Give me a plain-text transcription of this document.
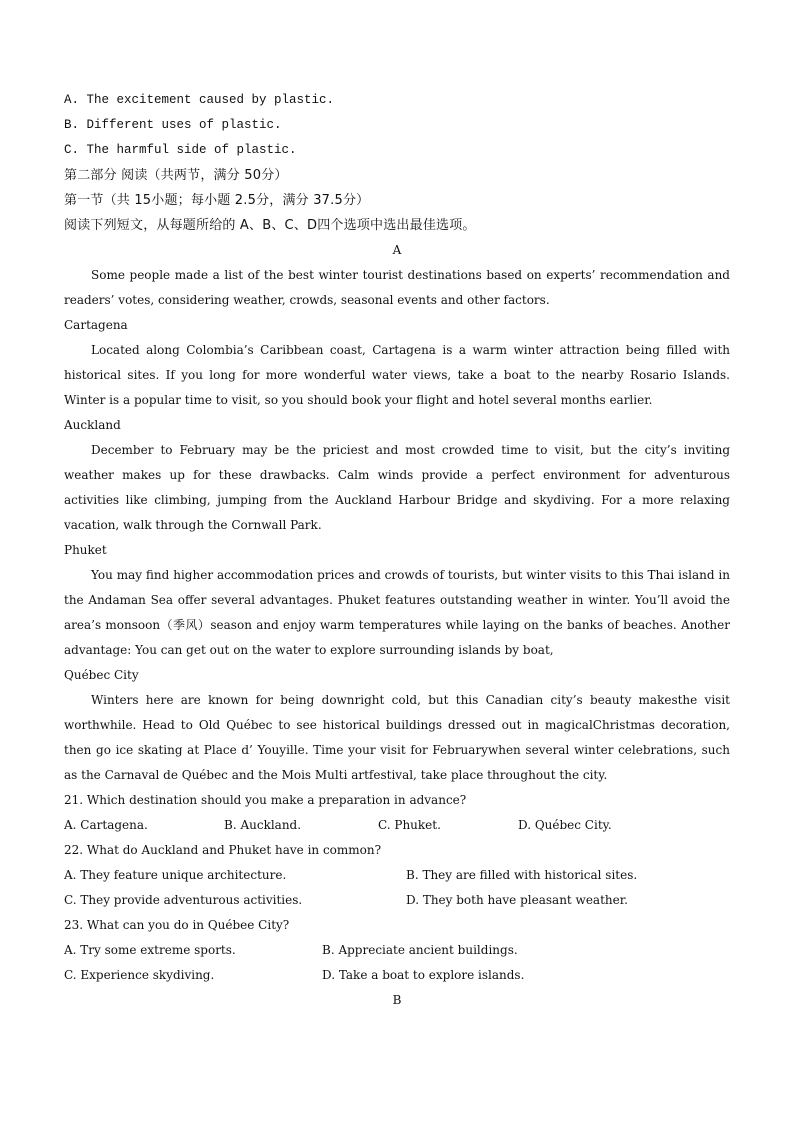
A. The excitement caused by plastic.
B. Different uses of plastic.
C. The harmful side of plastic.
第二部分 阅读（共两节，满分 50分）
第一节（共 15小题；每小题 2.5分，满分 37.5分）
阅读下列短文，从每题所给的 A、B、C、D四个选项中选出最佳选项。
A
Some people made a list of the best winter tourist destinations based on experts’ recommendation and readers’ votes, considering weather, crowds, seasonal events and other factors.
Cartagena
Located along Colombia’s Caribbean coast, Cartagena is a warm winter attraction being filled with historical sites. If you long for more wonderful water views, take a boat to the nearby Rosario Islands. Winter is a popular time to visit, so you should book your flight and hotel several months earlier.
Auckland
December to February may be the priciest and most crowded time to visit, but the city’s inviting weather makes up for these drawbacks. Calm winds provide a perfect environment for adventurous activities like climbing, jumping from the Auckland Harbour Bridge and skydiving. For a more relaxing vacation, walk through the Cornwall Park.
Phuket
You may find higher accommodation prices and crowds of tourists, but winter visits to this Thai island in the Andaman Sea offer several advantages. Phuket features outstanding weather in winter. You’ll avoid the area’s monsoon（季风）season and enjoy warm temperatures while laying on the banks of beaches. Another advantage: You can get out on the water to explore surrounding islands by boat,
Québec City
Winters here are known for being downright cold, but this Canadian city’s beauty makesthe visit worthwhile. Head to Old Québec to see historical buildings dressed out in magicalChristmas decoration, then go ice skating at Place d’ Youyille. Time your visit for Februarywhen several winter celebrations, such as the Carnaval de Québec and the Mois Multi artfestival, take place throughout the city.
21. Which destination should you make a preparation in advance?
A. Cartagena.	B. Auckland.	C. Phuket.	D. Québec City.
22. What do Auckland and Phuket have in common?
A. They feature unique architecture.	B. They are filled with historical sites.
C. They provide adventurous activities.	D. They both have pleasant weather.
23. What can you do in Québee City?
A. Try some extreme sports.	B. Appreciate ancient buildings.
C. Experience skydiving.	D. Take a boat to explore islands.
B
